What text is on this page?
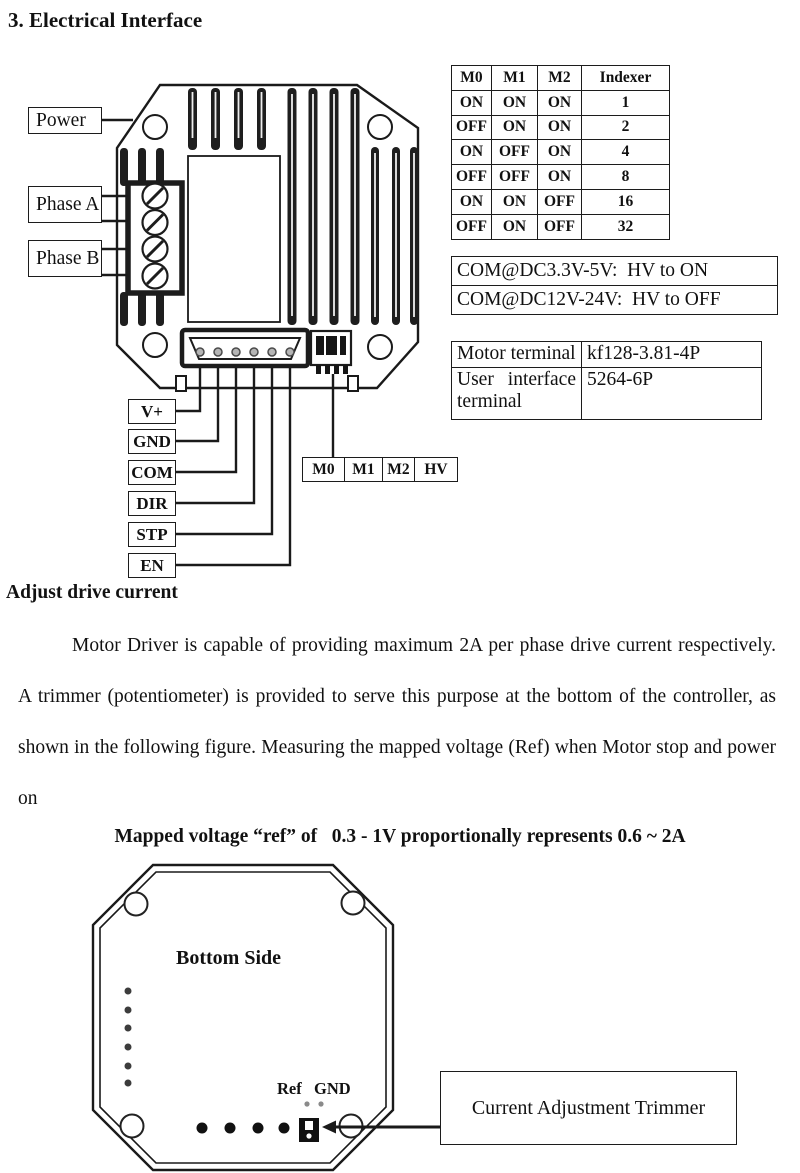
3. Electrical Interface
Power
Phase A
Phase B
V+
GND
COM
DIR
STP
EN
M0	M1	M2	HV
M0	M1	M2	Indexer
ON	ON	ON	1
OFF	ON	ON	2
ON	OFF	ON	4
OFF	OFF	ON	8
ON	ON	OFF	16
OFF	ON	OFF	32
COM@DC3.3V-5V:  HV to ON
COM@DC12V-24V:  HV to OFF
Motor terminal	kf128-3.81-4P
User interface terminal	5264-6P
Adjust drive current
Motor Driver is capable of providing maximum 2A per phase drive current respectively. A trimmer (potentiometer) is provided to serve this purpose at the bottom of the controller, as shown in the following figure. Measuring the mapped voltage (Ref) when Motor stop and power on
Mapped voltage “ref” of   0.3 - 1V proportionally represents 0.6 ~ 2A
Bottom Side
Ref GND
Current Adjustment Trimmer
